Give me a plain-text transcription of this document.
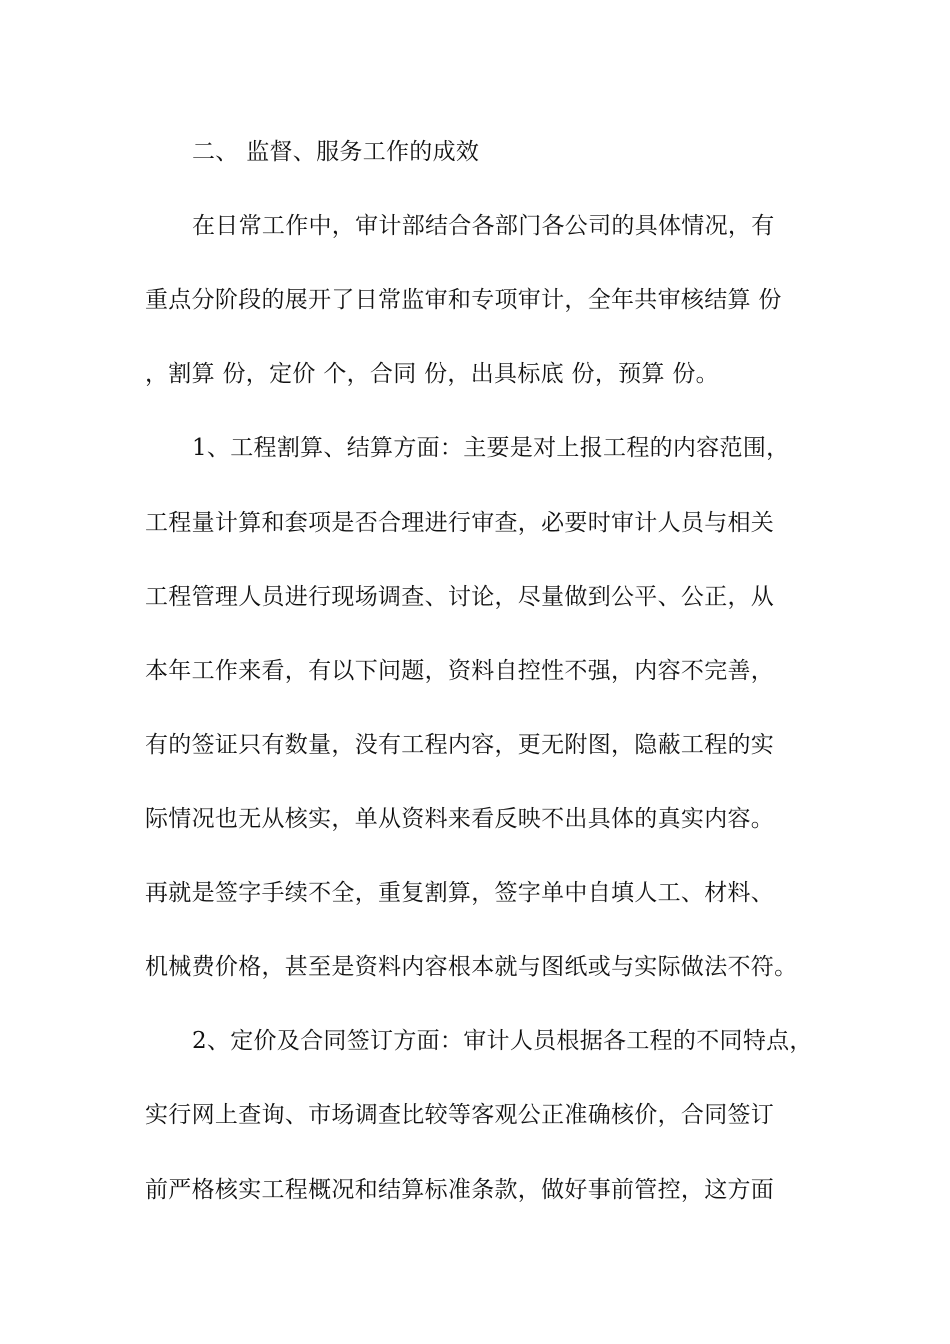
二、 监督、服务工作的成效
在日常工作中，审计部结合各部门各公司的具体情况，有
重点分阶段的展开了日常监审和专项审计，全年共审核结算 份
，割算 份，定价 个，合同 份，出具标底 份，预算 份。
1、工程割算、结算方面：主要是对上报工程的内容范围，
工程量计算和套项是否合理进行审查，必要时审计人员与相关
工程管理人员进行现场调查、讨论，尽量做到公平、公正，从
本年工作来看，有以下问题，资料自控性不强，内容不完善，
有的签证只有数量，没有工程内容，更无附图，隐蔽工程的实
际情况也无从核实，单从资料来看反映不出具体的真实内容。
再就是签字手续不全，重复割算，签字单中自填人工、材料、
机械费价格，甚至是资料内容根本就与图纸或与实际做法不符。
2、定价及合同签订方面：审计人员根据各工程的不同特点，
实行网上查询、市场调查比较等客观公正准确核价，合同签订
前严格核实工程概况和结算标准条款，做好事前管控，这方面
